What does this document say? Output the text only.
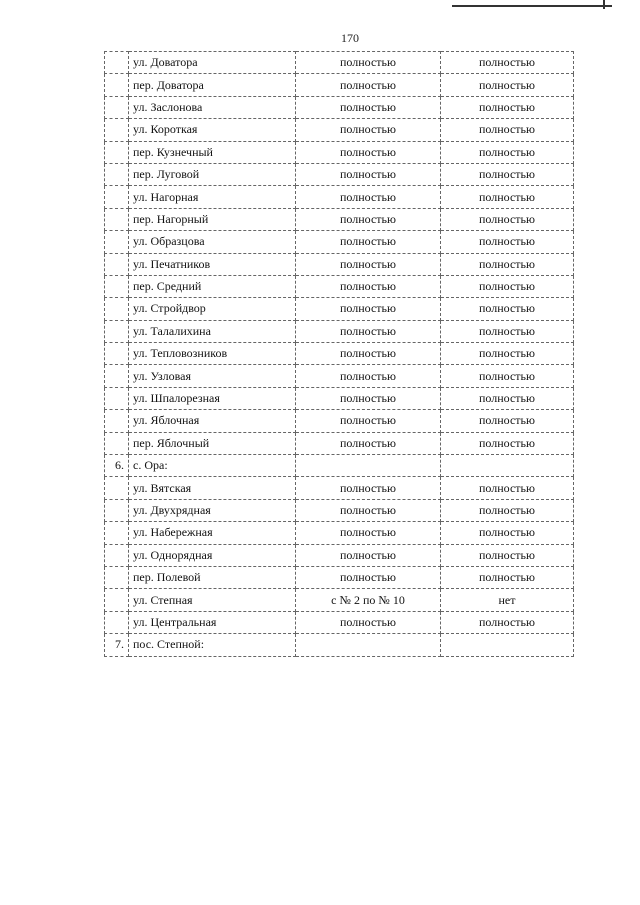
170
	ул. Доватора	полностью	полностью
	пер. Доватора	полностью	полностью
	ул. Заслонова	полностью	полностью
	ул. Короткая	полностью	полностью
	пер. Кузнечный	полностью	полностью
	пер. Луговой	полностью	полностью
	ул. Нагорная	полностью	полностью
	пер. Нагорный	полностью	полностью
	ул. Образцова	полностью	полностью
	ул. Печатников	полностью	полностью
	пер. Средний	полностью	полностью
	ул. Стройдвор	полностью	полностью
	ул. Талалихина	полностью	полностью
	ул. Тепловозников	полностью	полностью
	ул. Узловая	полностью	полностью
	ул. Шпалорезная	полностью	полностью
	ул. Яблочная	полностью	полностью
	пер. Яблочный	полностью	полностью
6.	с. Ора:		
	ул. Вятская	полностью	полностью
	ул. Двухрядная	полностью	полностью
	ул. Набережная	полностью	полностью
	ул. Однорядная	полностью	полностью
	пер. Полевой	полностью	полностью
	ул. Степная	с № 2 по № 10	нет
	ул. Центральная	полностью	полностью
7.	пос. Степной:		
